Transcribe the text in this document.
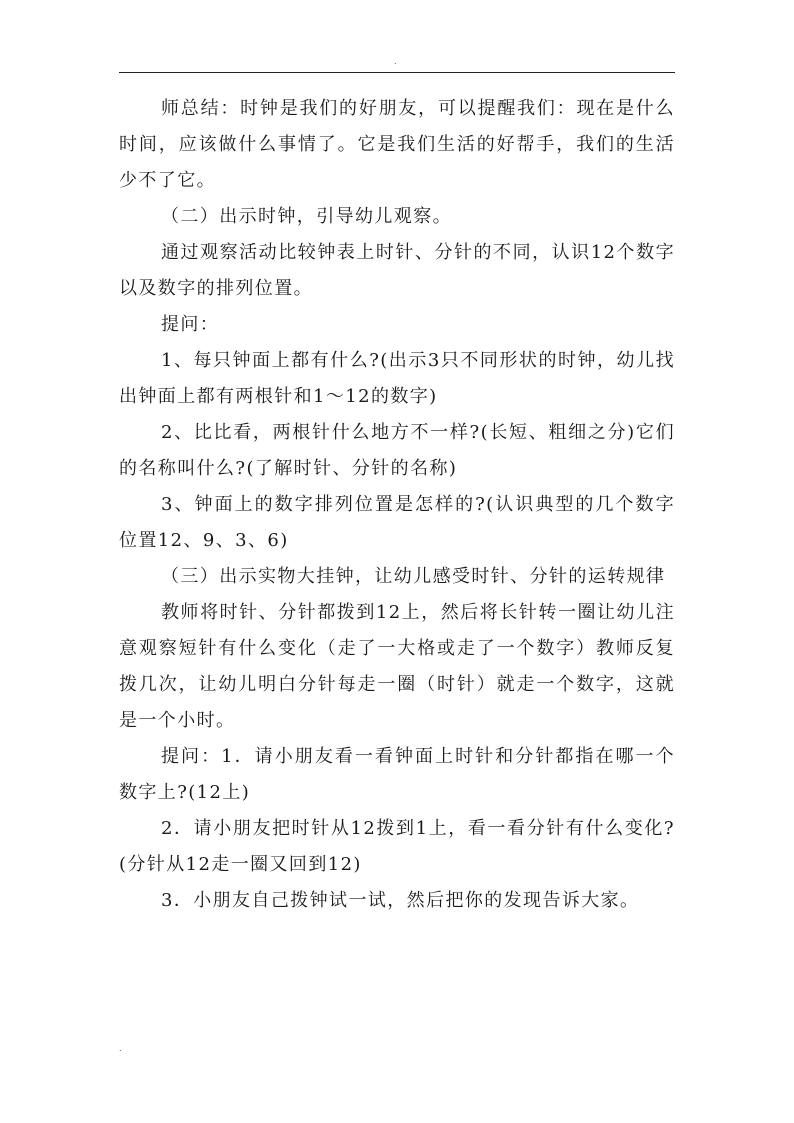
.

师总结：时钟是我们的好朋友，可以提醒我们：现在是什么时间，应该做什么事情了。它是我们生活的好帮手，我们的生活少不了它。

（二）出示时钟，引导幼儿观察。

通过观察活动比较钟表上时针、分针的不同，认识12个数字以及数字的排列位置。

提问：

1、每只钟面上都有什么?(出示3只不同形状的时钟，幼儿找出钟面上都有两根针和1～12的数字)

2、比比看，两根针什么地方不一样?(长短、粗细之分)它们的名称叫什么?(了解时针、分针的名称)

3、钟面上的数字排列位置是怎样的?(认识典型的几个数字位置12、9、3、6)

（三）出示实物大挂钟，让幼儿感受时针、分针的运转规律

教师将时针、分针都拨到12上，然后将长针转一圈让幼儿注意观察短针有什么变化（走了一大格或走了一个数字）教师反复拨几次，让幼儿明白分针每走一圈（时针）就走一个数字，这就是一个小时。

提问：1．请小朋友看一看钟面上时针和分针都指在哪一个数字上?(12上)

2．请小朋友把时针从12拨到1上，看一看分针有什么变化?(分针从12走一圈又回到12)

3．小朋友自己拨钟试一试，然后把你的发现告诉大家。

.
